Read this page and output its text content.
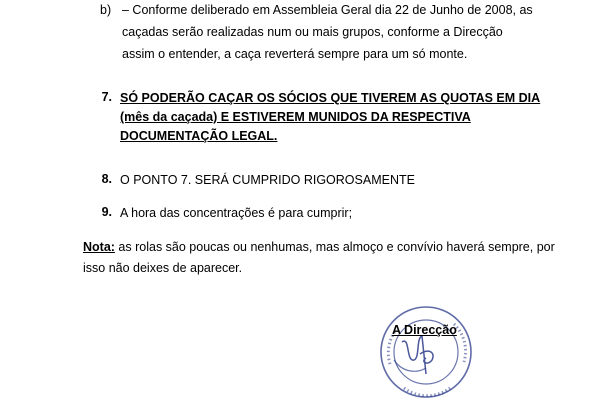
b) – Conforme deliberado em Assembleia Geral dia 22 de Junho de 2008, as
caçadas serão realizadas num ou mais grupos, conforme a Direcção
assim o entender, a caça reverterá sempre para um só monte.
7. SÓ PODERÃO CAÇAR OS SÓCIOS QUE TIVEREM AS QUOTAS EM DIA
(mês da caçada) E ESTIVEREM MUNIDOS DA RESPECTIVA
DOCUMENTAÇÃO LEGAL.
8. O PONTO 7. SERÁ CUMPRIDO RIGOROSAMENTE
9. A hora das concentrações é para cumprir;
Nota: as rolas são poucas ou nenhumas, mas almoço e convívio haverá sempre, por
isso não deixes de aparecer.
A Direcção
